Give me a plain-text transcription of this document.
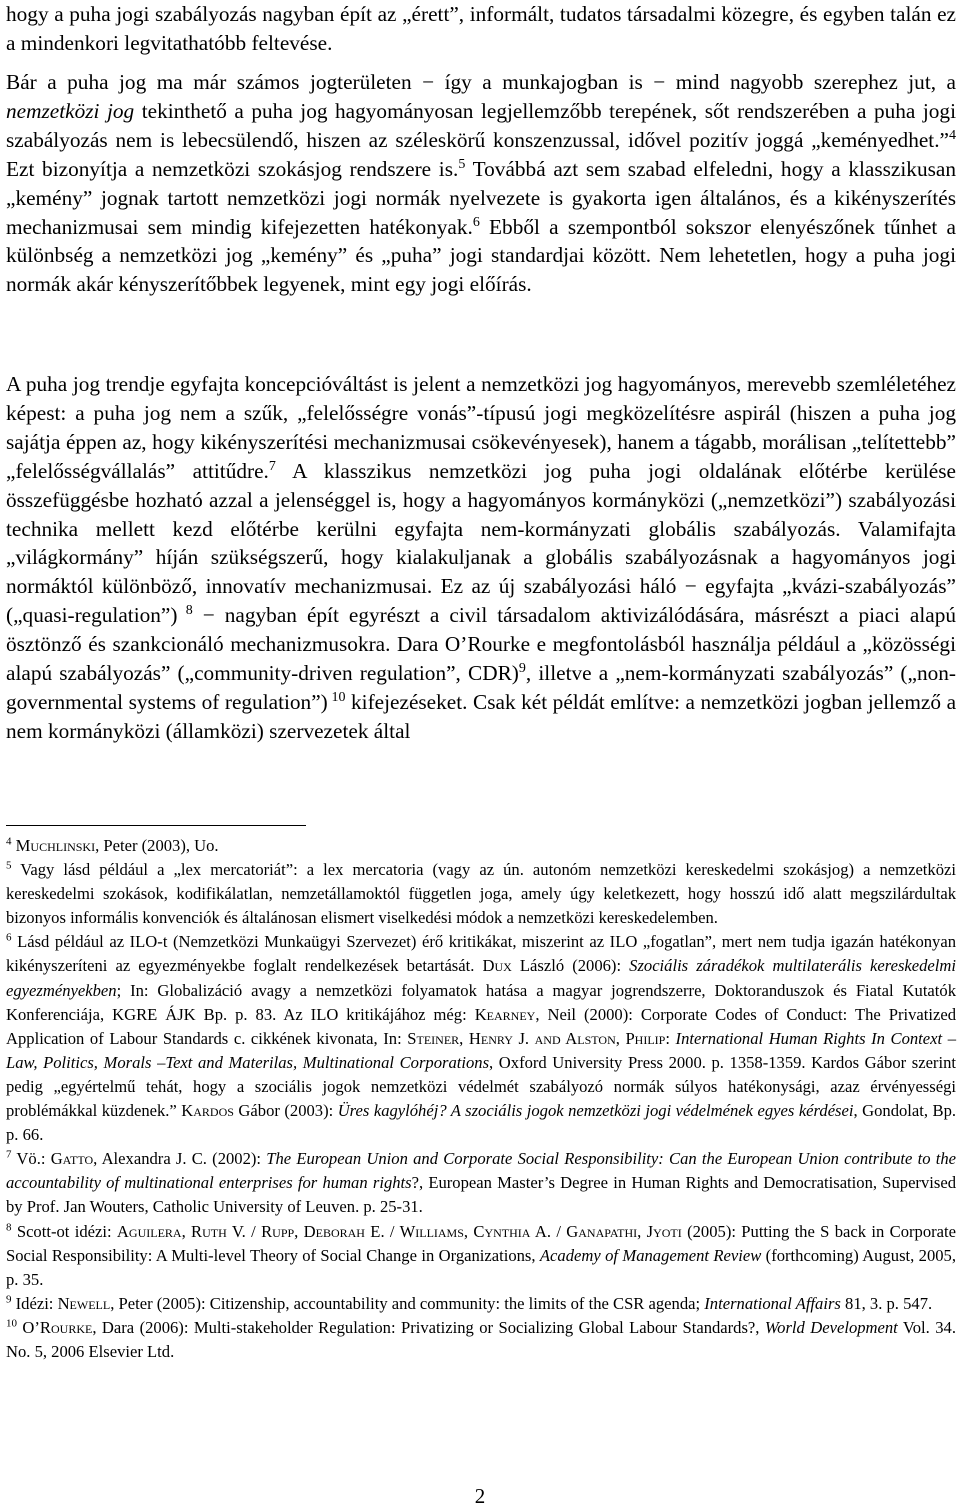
hogy a puha jogi szabályozás nagyban épít az „érett”, informált, tudatos társadalmi közegre, és egyben talán ez a mindenkori legvitathatóbb feltevése.

Bár a puha jog ma már számos jogterületen − így a munkajogban is − mind nagyobb szerephez jut, a nemzetközi jog tekinthető a puha jog hagyományosan legjellemzőbb terepének, sőt rendszerében a puha jogi szabályozás nem is lebecsülendő, hiszen az széleskörű konszenzussal, idővel pozitív joggá „keményedhet.”$^4$ Ezt bizonyítja a nemzetközi szokásjog rendszere is.$^5$ Továbbá azt sem szabad elfeledni, hogy a klasszikusan „kemény” jognak tartott nemzetközi jogi normák nyelvezete is gyakorta igen általános, és a kikényszerítés mechanizmusai sem mindig kifejezetten hatékonyak.$^6$ Ebből a szempontból sokszor elenyészőnek tűnhet a különbség a nemzetközi jog „kemény” és „puha” jogi standardjai között. Nem lehetetlen, hogy a puha jogi normák akár kényszerítőbbek legyenek, mint egy jogi előírás.

A puha jog trendje egyfajta koncepcióváltást is jelent a nemzetközi jog hagyományos, merevebb szemléletéhez képest: a puha jog nem a szűk, „felelősségre vonás”-típusú jogi megközelítésre aspirál (hiszen a puha jog sajátja éppen az, hogy kikényszerítési mechanizmusai csökevényesek), hanem a tágabb, morálisan „telítettebb” „felelősségvállalás” attitűdre.$^7$ A klasszikus nemzetközi jog puha jogi oldalának előtérbe kerülése összefüggésbe hozható azzal a jelenséggel is, hogy a hagyományos kormányközi („nemzetközi”) szabályozási technika mellett kezd előtérbe kerülni egyfajta nem-kormányzati globális szabályozás. Valamifajta „világkormány” híján szükségszerű, hogy kialakuljanak a globális szabályozásnak a hagyományos jogi normáktól különböző, innovatív mechanizmusai. Ez az új szabályozási háló − egyfajta „kvázi-szabályozás” („quasi-regulation”) $^8$ − nagyban épít egyrészt a civil társadalom aktivizálódására, másrészt a piaci alapú ösztönző és szankcionáló mechanizmusokra. Dara O’Rourke e megfontolásból használja például a „közösségi alapú szabályozás” („community-driven regulation”, CDR)$^9$, illetve a „nem-kormányzati szabályozás” („non-governmental systems of regulation”) $^{10}$ kifejezéseket. Csak két példát említve: a nemzetközi jogban jellemző a nem kormányközi (államközi) szervezetek által

$^4$ Muchlinski, Peter (2003), Uo.

$^5$ Vagy lásd például a „lex mercatoriát”: a lex mercatoria (vagy az ún. autonóm nemzetközi kereskedelmi szokásjog) a nemzetközi kereskedelmi szokások, kodifikálatlan, nemzetállamoktól független joga, amely úgy keletkezett, hogy hosszú idő alatt megszilárdultak bizonyos informális konvenciók és általánosan elismert viselkedési módok a nemzetközi kereskedelemben.

$^6$ Lásd például az ILO-t (Nemzetközi Munkaügyi Szervezet) érő kritikákat, miszerint az ILO „fogatlan”, mert nem tudja igazán hatékonyan kikényszeríteni az egyezményekbe foglalt rendelkezések betartását. Dux László (2006): Szociális záradékok multilaterális kereskedelmi egyezményekben; In: Globalizáció avagy a nemzetközi folyamatok hatása a magyar jogrendszerre, Doktoranduszok és Fiatal Kutatók Konferenciája, KGRE ÁJK Bp. p. 83. Az ILO kritikájához még: Kearney, Neil (2000): Corporate Codes of Conduct: The Privatized Application of Labour Standards c. cikkének kivonata, In: Steiner, Henry J. and Alston, Philip: International Human Rights In Context – Law, Politics, Morals –Text and Materilas, Multinational Corporations, Oxford University Press 2000. p. 1358-1359. Kardos Gábor szerint pedig „egyértelmű tehát, hogy a szociális jogok nemzetközi védelmét szabályozó normák súlyos hatékonysági, azaz érvényességi problémákkal küzdenek.” Kardos Gábor (2003): Üres kagylóhéj? A szociális jogok nemzetközi jogi védelmének egyes kérdései, Gondolat, Bp. p. 66.

$^7$ Vö.: Gatto, Alexandra J. C. (2002): The European Union and Corporate Social Responsibility: Can the European Union contribute to the accountability of multinational enterprises for human rights?, European Master’s Degree in Human Rights and Democratisation, Supervised by Prof. Jan Wouters, Catholic University of Leuven. p. 25-31.

$^8$ Scott-ot idézi: Aguilera, Ruth V. / Rupp, Deborah E. / Williams, Cynthia A. / Ganapathi, Jyoti (2005): Putting the S back in Corporate Social Responsibility: A Multi-level Theory of Social Change in Organizations, Academy of Management Review (forthcoming) August, 2005, p. 35.

$^9$ Idézi: Newell, Peter (2005): Citizenship, accountability and community: the limits of the CSR agenda; International Affairs 81, 3. p. 547.

$^{10}$ O’Rourke, Dara (2006): Multi-stakeholder Regulation: Privatizing or Socializing Global Labour Standards?, World Development Vol. 34. No. 5, 2006 Elsevier Ltd.

2
